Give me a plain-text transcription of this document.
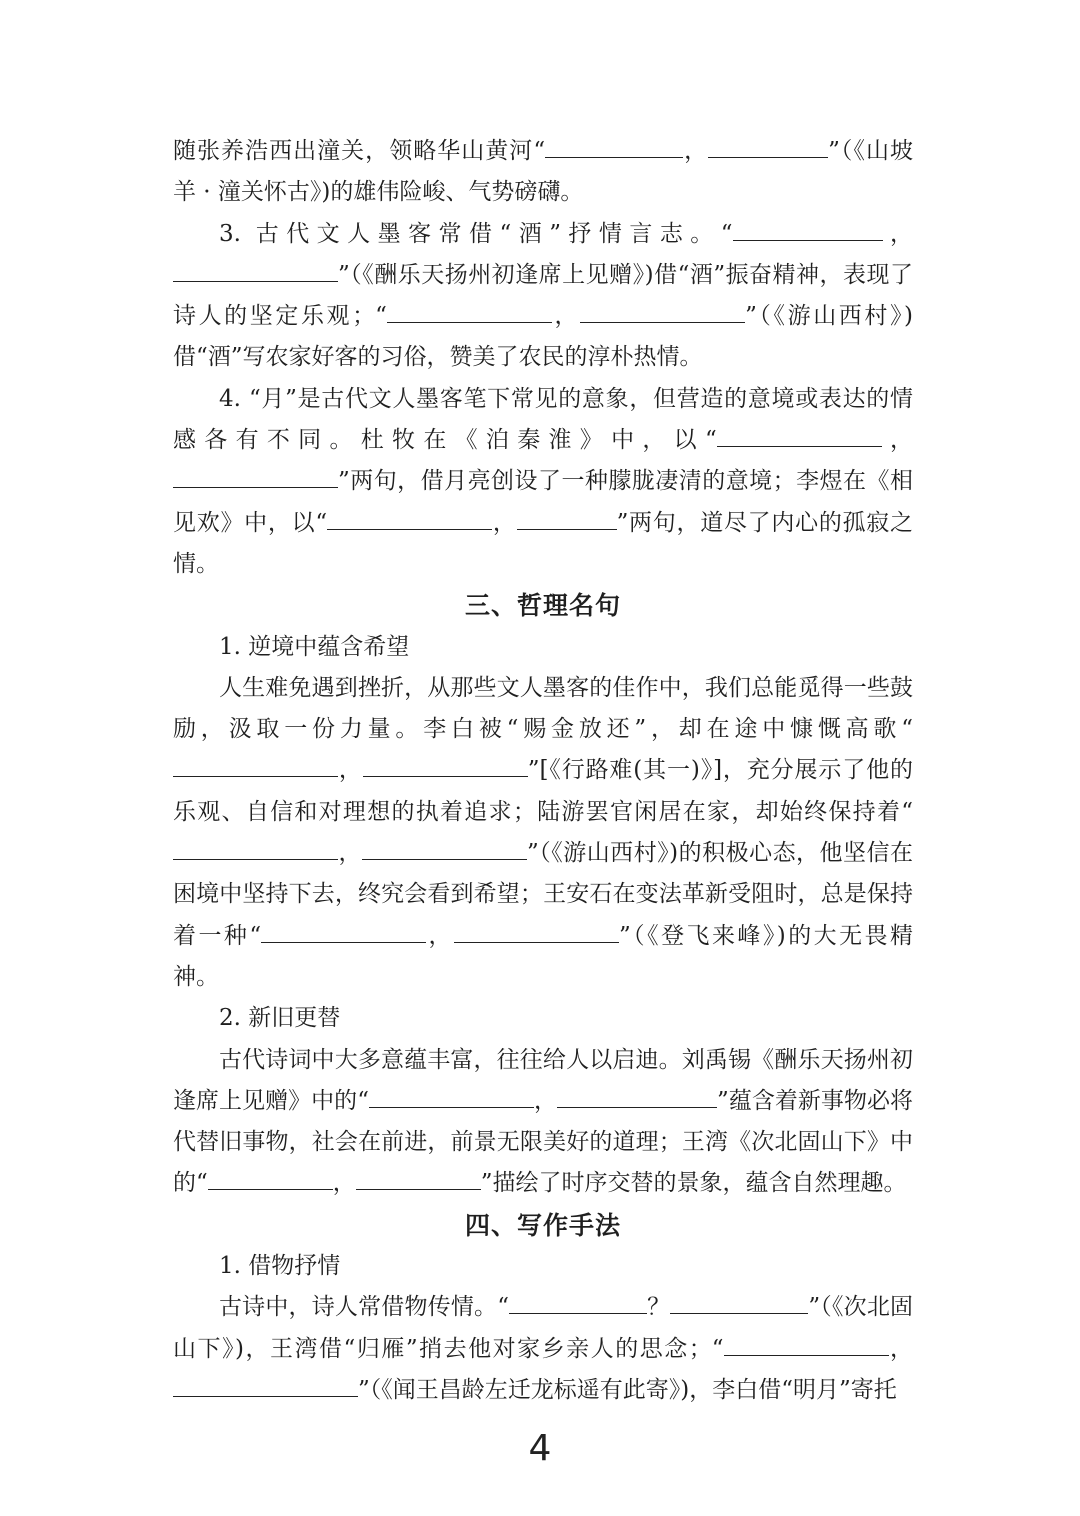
随张养浩西出潼关，领略华山黄河“	，	”（《山坡羊 · 潼关怀古》)的雄伟险峻、气势磅礴。

3. 古代文人墨客常借“酒”抒情言志。“	，”（《酬乐天扬州初逢席上见赠》)借“酒”振奋精神，表现了诗人的坚定乐观；“	，	”（《游山西村》)借“酒”写农家好客的习俗，赞美了农民的淳朴热情。

4. “月”是古代文人墨客笔下常见的意象，但营造的意境或表达的情感各有不同。杜牧在《泊秦淮》中，以“	，”两句，借月亮创设了一种朦胧凄清的意境；李煜在《相见欢》中，以“	，	”两句，道尽了内心的孤寂之情。

三、哲理名句

1. 逆境中蕴含希望

人生难免遇到挫折，从那些文人墨客的佳作中，我们总能觅得一些鼓励，汲取一份力量。李白被“赐金放还”，却在途中慷慨高歌“，	”[《行路难(其一)》]，充分展示了他的乐观、自信和对理想的执着追求；陆游罢官闲居在家，却始终保持着“，	”（《游山西村》)的积极心态，他坚信在困境中坚持下去，终究会看到希望；王安石在变法革新受阻时，总是保持着一种“	，	”（《登飞来峰》)的大无畏精神。

2. 新旧更替

古代诗词中大多意蕴丰富，往往给人以启迪。刘禹锡《酬乐天扬州初逢席上见赠》中的“	，	”蕴含着新事物必将代替旧事物，社会在前进，前景无限美好的道理；王湾《次北固山下》中的“	，	”描绘了时序交替的景象，蕴含自然理趣。

四、写作手法

1. 借物抒情

古诗中，诗人常借物传情。“	？	”（《次北固山下》)，王湾借“归雁”捎去他对家乡亲人的思念；“	，”（《闻王昌龄左迁龙标遥有此寄》)，李白借“明月”寄托

4
